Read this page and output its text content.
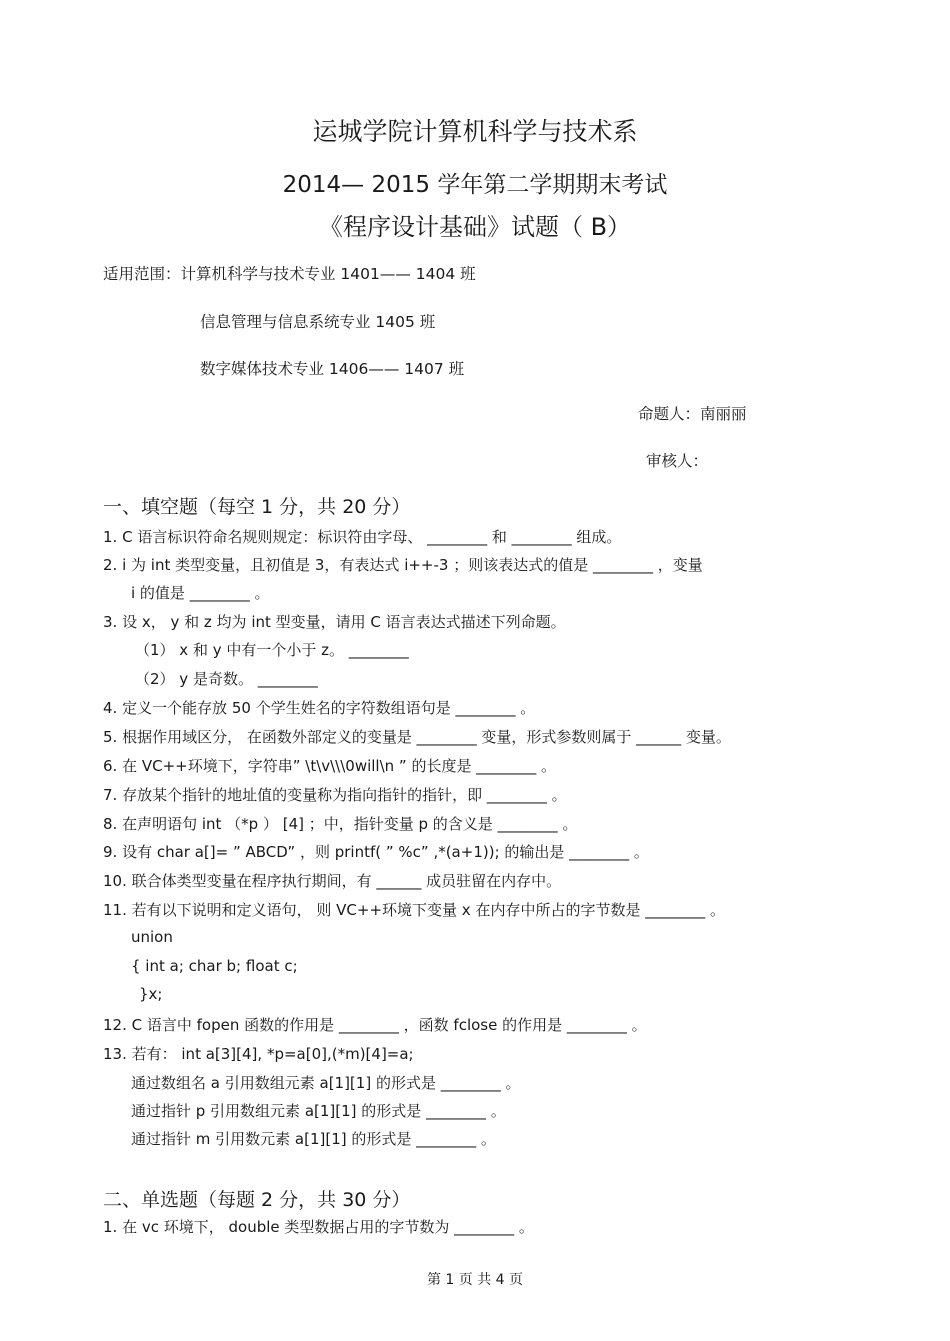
运城学院计算机科学与技术系
2014— 2015 学年第二学期期末考试
《程序设计基础》试题（ B）
适用范围：计算机科学与技术专业 1401—— 1404 班
信息管理与信息系统专业 1405 班
数字媒体技术专业 1406—— 1407 班
命题人：南丽丽
审核人：
一、填空题（每空 1 分，共 20 分）
1. C 语言标识符命名规则规定：标识符由字母、 ________ 和 ________ 组成。
2. i 为 int 类型变量，且初值是 3，有表达式 i++-3 ；则该表达式的值是 ________ ，变量
i 的值是 ________ 。
3. 设 x， y 和 z 均为 int 型变量，请用 C 语言表达式描述下列命题。
（1） x 和 y 中有一个小于 z。 ________
（2） y 是奇数。 ________
4. 定义一个能存放 50 个学生姓名的字符数组语句是 ________ 。
5. 根据作用域区分， 在函数外部定义的变量是 ________ 变量，形式参数则属于 ______ 变量。
6. 在 VC++环境下，字符串” \t\v\\\0will\n ” 的长度是 ________ 。
7. 存放某个指针的地址值的变量称为指向指针的指针，即 ________ 。
8. 在声明语句 int （*p ） [4] ；中，指针变量 p 的含义是 ________ 。
9. 设有 char a[]= ” ABCD” ，则 printf( ” %c” ,*(a+1)); 的输出是 ________ 。
10. 联合体类型变量在程序执行期间，有 ______ 成员驻留在内存中。
11. 若有以下说明和定义语句， 则 VC++环境下变量 x 在内存中所占的字节数是 ________ 。
union
{ int a; char b; float c;
}x;
12. C 语言中 fopen 函数的作用是 ________ ，函数 fclose 的作用是 ________ 。
13. 若有： int a[3][4], *p=a[0],(*m)[4]=a;
通过数组名 a 引用数组元素 a[1][1] 的形式是 ________ 。
通过指针 p 引用数组元素 a[1][1] 的形式是 ________ 。
通过指针 m 引用数元素 a[1][1] 的形式是 ________ 。
二、单选题（每题 2 分，共 30 分）
1. 在 vc 环境下， double 类型数据占用的字节数为 ________ 。
第 1 页 共 4 页
